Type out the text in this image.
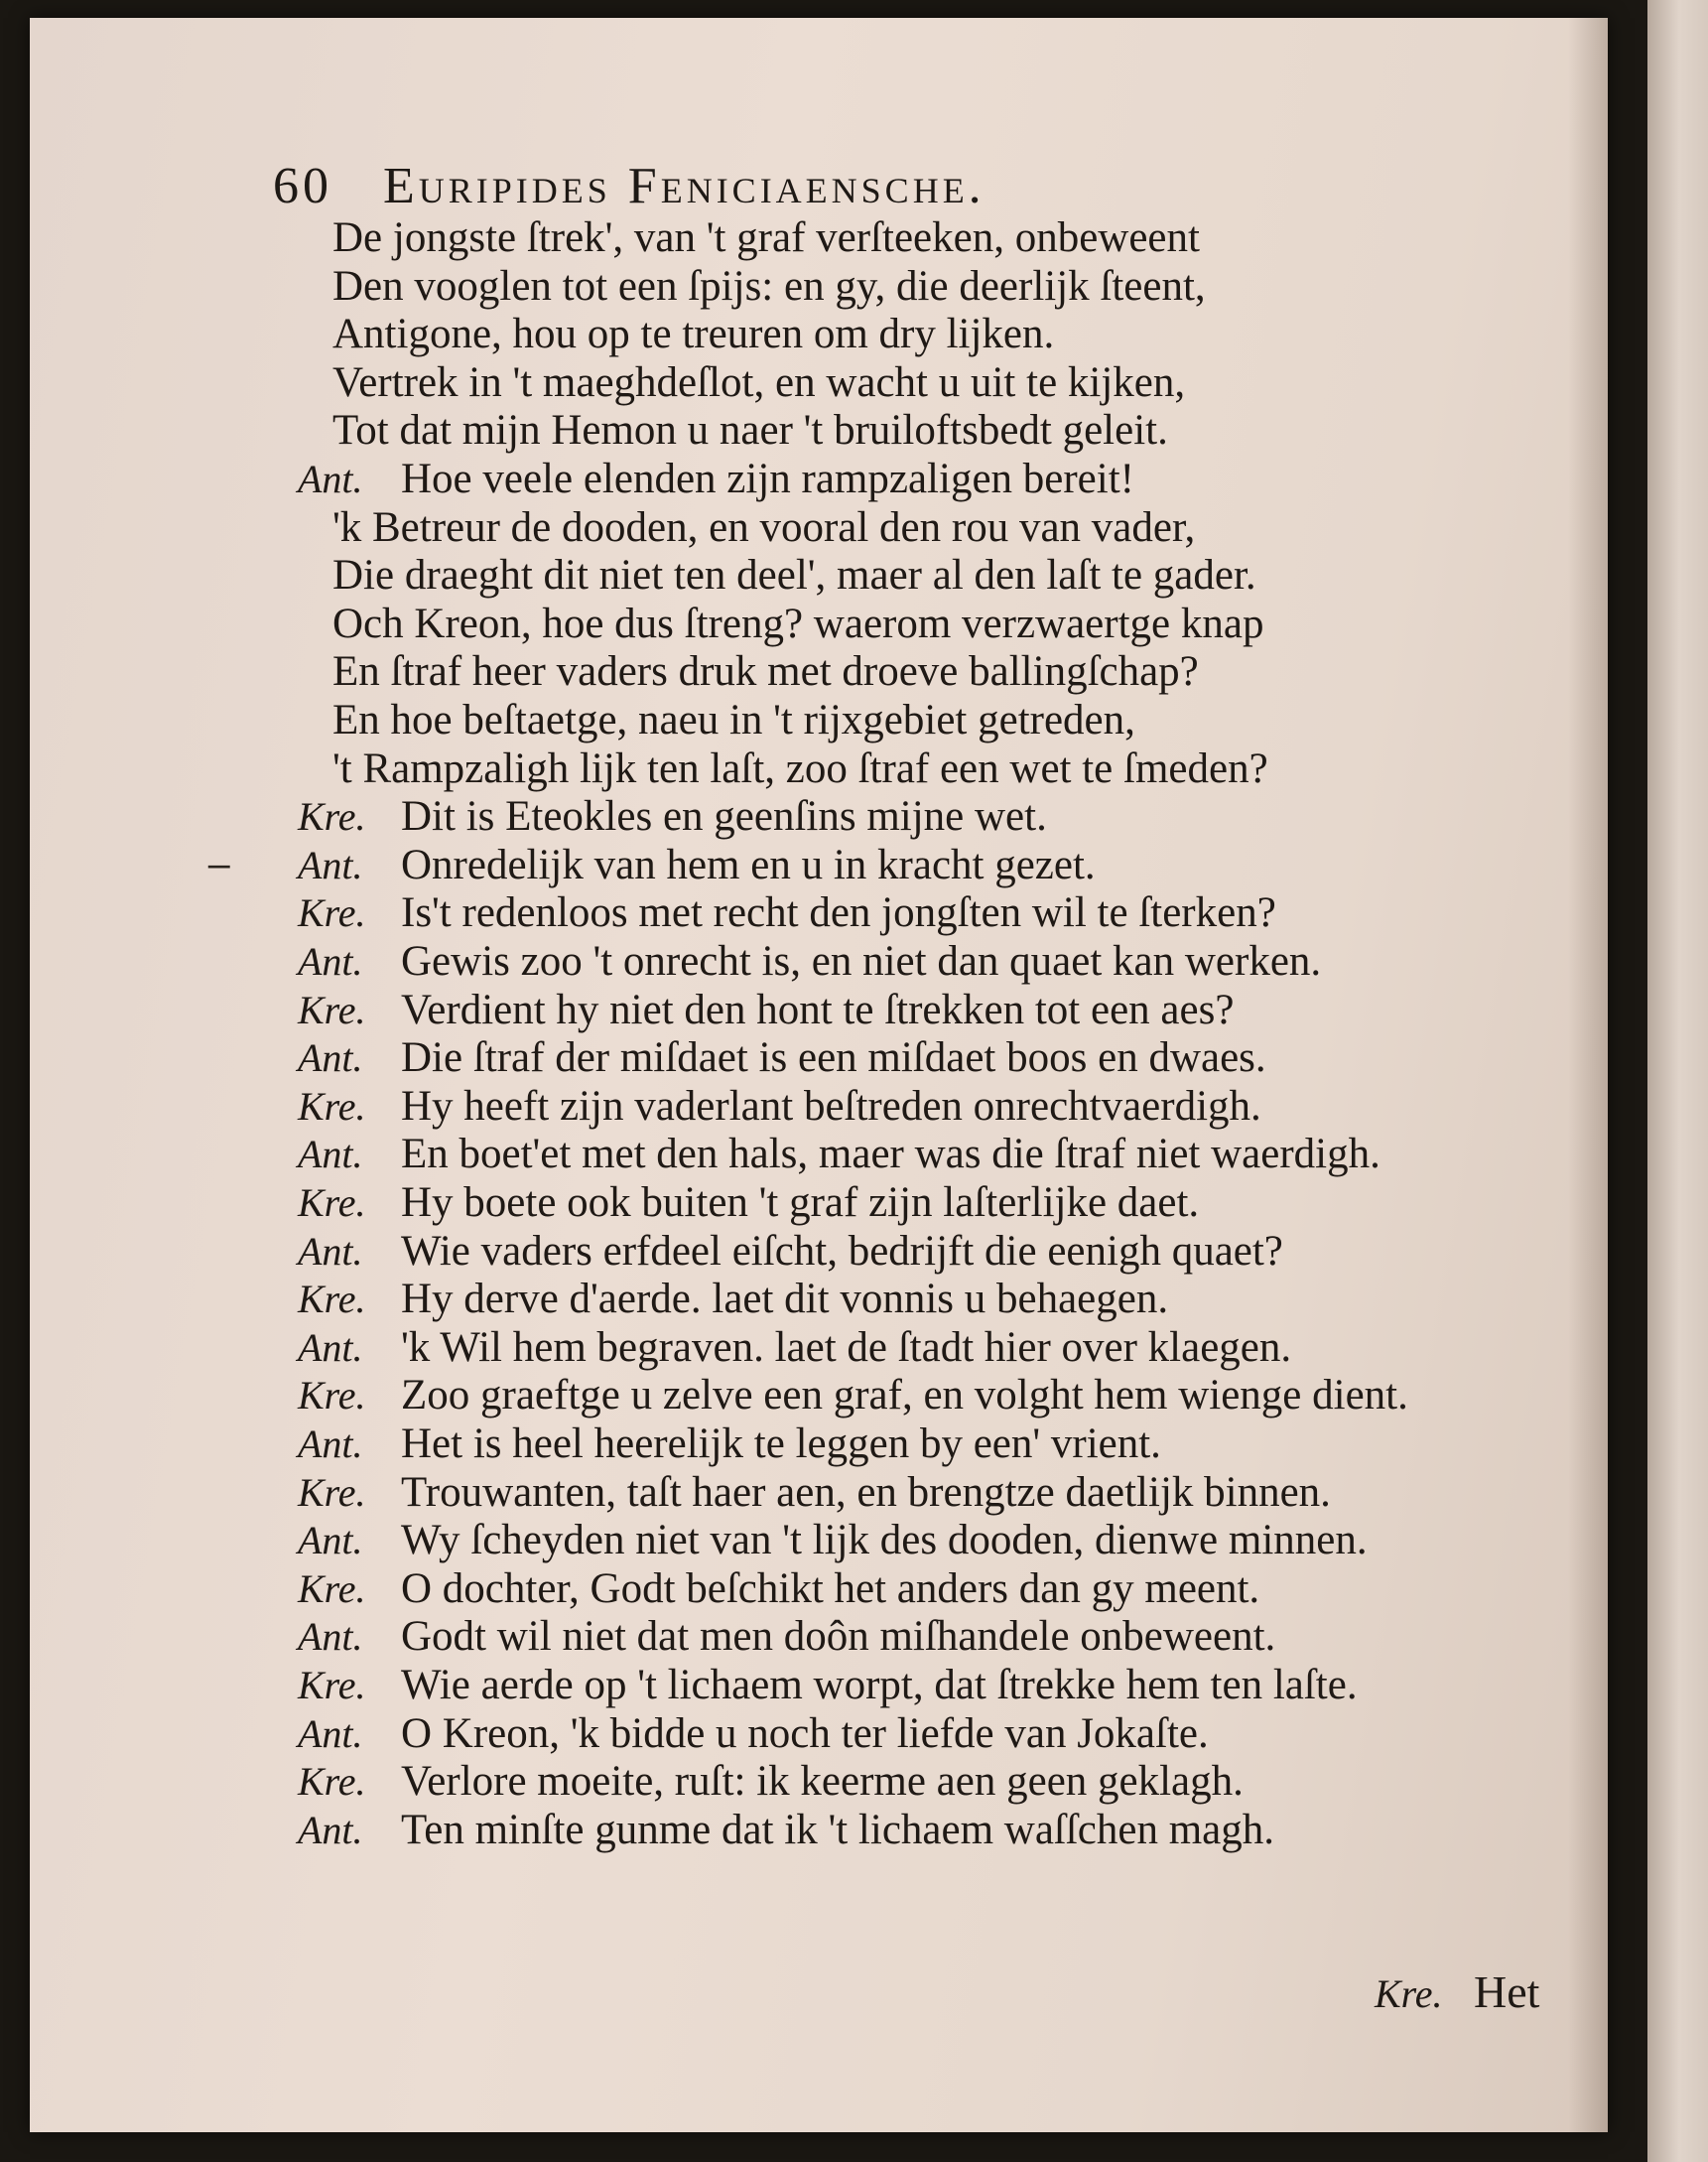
60 Euripides Feniciaensche.
‒
De jongste ſtrek', van 't graf verſteeken, onbeweent
Den vooglen tot een ſpijs: en gy, die deerlijk ſteent,
Antigone, hou op te treuren om dry lijken.
Vertrek in 't maeghdeſlot, en wacht u uit te kijken,
Tot dat mijn Hemon u naer 't bruiloftsbedt geleit.
Ant. Hoe veele elenden zijn rampzaligen bereit!
'k Betreur de dooden, en vooral den rou van vader,
Die draeght dit niet ten deel', maer al den laſt te gader.
Och Kreon, hoe dus ſtreng? waerom verzwaertge knap
En ſtraf heer vaders druk met droeve ballingſchap?
En hoe beſtaetge, naeu in 't rijxgebiet getreden,
't Rampzaligh lijk ten laſt, zoo ſtraf een wet te ſmeden?
Kre. Dit is Eteokles en geenſins mijne wet.
Ant. Onredelijk van hem en u in kracht gezet.
Kre. Is't redenloos met recht den jongſten wil te ſterken?
Ant. Gewis zoo 't onrecht is, en niet dan quaet kan werken.
Kre. Verdient hy niet den hont te ſtrekken tot een aes?
Ant. Die ſtraf der miſdaet is een miſdaet boos en dwaes.
Kre. Hy heeft zijn vaderlant beſtreden onrechtvaerdigh.
Ant. En boet'et met den hals, maer was die ſtraf niet waerdigh.
Kre. Hy boete ook buiten 't graf zijn laſterlijke daet.
Ant. Wie vaders erfdeel eiſcht, bedrijft die eenigh quaet?
Kre. Hy derve d'aerde. laet dit vonnis u behaegen.
Ant. 'k Wil hem begraven. laet de ſtadt hier over klaegen.
Kre. Zoo graeftge u zelve een graf, en volght hem wienge dient.
Ant. Het is heel heerelijk te leggen by een' vrient.
Kre. Trouwanten, taſt haer aen, en brengtze daetlijk binnen.
Ant. Wy ſcheyden niet van 't lijk des dooden, dienwe minnen.
Kre. O dochter, Godt beſchikt het anders dan gy meent.
Ant. Godt wil niet dat men doôn miſhandele onbeweent.
Kre. Wie aerde op 't lichaem worpt, dat ſtrekke hem ten laſte.
Ant. O Kreon, 'k bidde u noch ter liefde van Jokaſte.
Kre. Verlore moeite, ruſt: ik keerme aen geen geklagh.
Ant. Ten minſte gunme dat ik 't lichaem waſſchen magh.
Kre. Het
